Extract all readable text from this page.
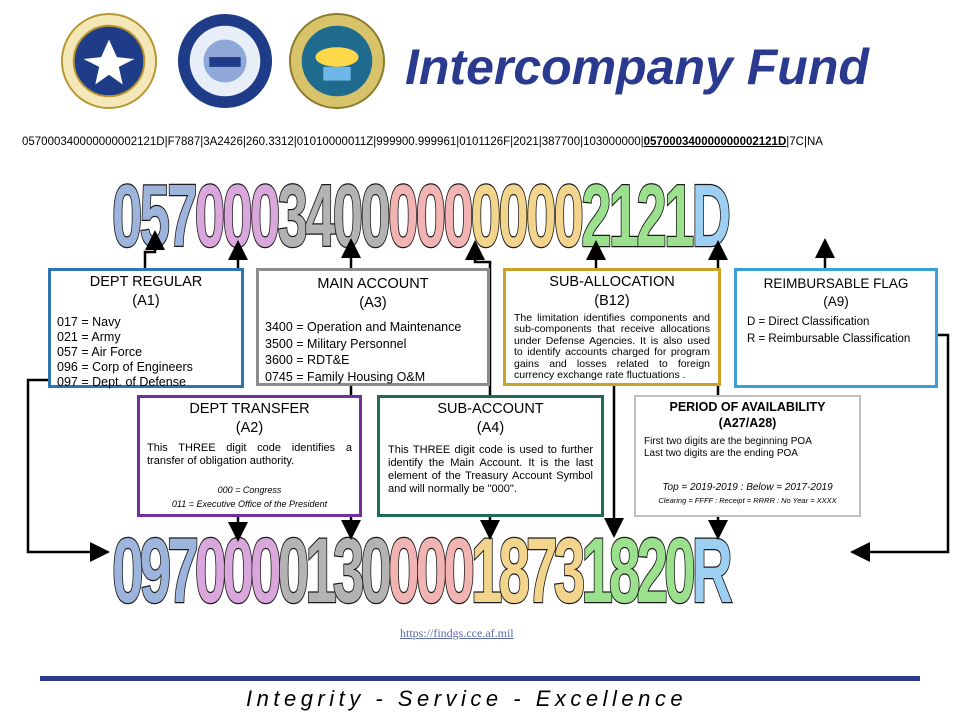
Intercompany Fund
057000340000000002121D|F7887|3A2426|260.3312|01010000011Z|999900.999961|0101126F|2021|387700|103000000|057000340000000002121D|7C|NA
0
5
7
0
0
0
3
4
0
0
0
0
0
0
0
0
0
2
1
2
1
D
0
9
7
0
0
0
0
1
3
0
0
0
0
1
8
7
3
1
8
2
0
R
DEPT REGULAR
(A1)
017 = Navy
021 = Army
057 = Air Force
096 = Corp of Engineers
097 = Dept. of Defense
MAIN ACCOUNT
(A3)
3400 = Operation and Maintenance
3500 = Military Personnel
3600 = RDT&E
0745 = Family Housing O&M
SUB-ALLOCATION
(B12)
The limitation identifies components and sub-components that receive allocations under Defense Agencies. It is also used to identify accounts charged for program gains and losses related to foreign currency exchange rate fluctuations .
REIMBURSABLE FLAG
(A9)
D = Direct Classification
R = Reimbursable Classification
DEPT TRANSFER
(A2)
This THREE digit code identifies a transfer of obligation authority.
000 = Congress
011 = Executive Office of the President
SUB-ACCOUNT
(A4)
This THREE digit code is used to further identify the Main Account. It is the last element of the Treasury Account Symbol and will normally be "000".
PERIOD OF AVAILABILITY
(A27/A28)
First two digits are the beginning POA
Last two digits are the ending POA
Top = 2019-2019 : Below = 2017-2019
Clearing = FFFF : Receipt = RRRR : No Year = XXXX
https://findgs.cce.af.mil
Integrity - Service - Excellence
